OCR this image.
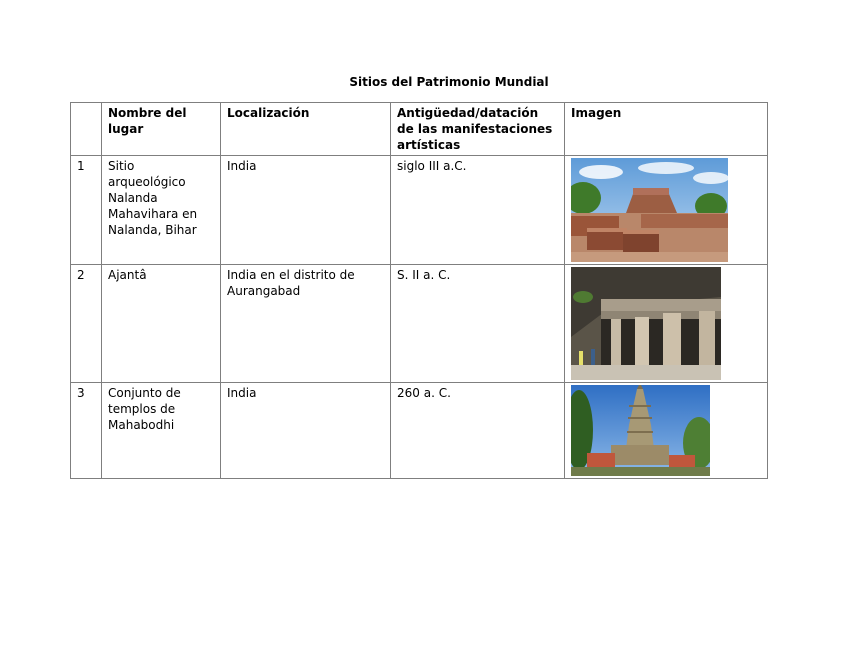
Sitios del Patrimonio Mundial
	Nombre del lugar	Localización	Antigüedad/datación de las manifestaciones artísticas	Imagen
1	Sitio arqueológico Nalanda Mahavihara en Nalanda, Bihar	India	siglo III a.C.	

2	Ajantâ	India en el distrito de Aurangabad	S. II a. C.	

3	Conjunto de templos de Mahabodhi	India	260 a. C.	
